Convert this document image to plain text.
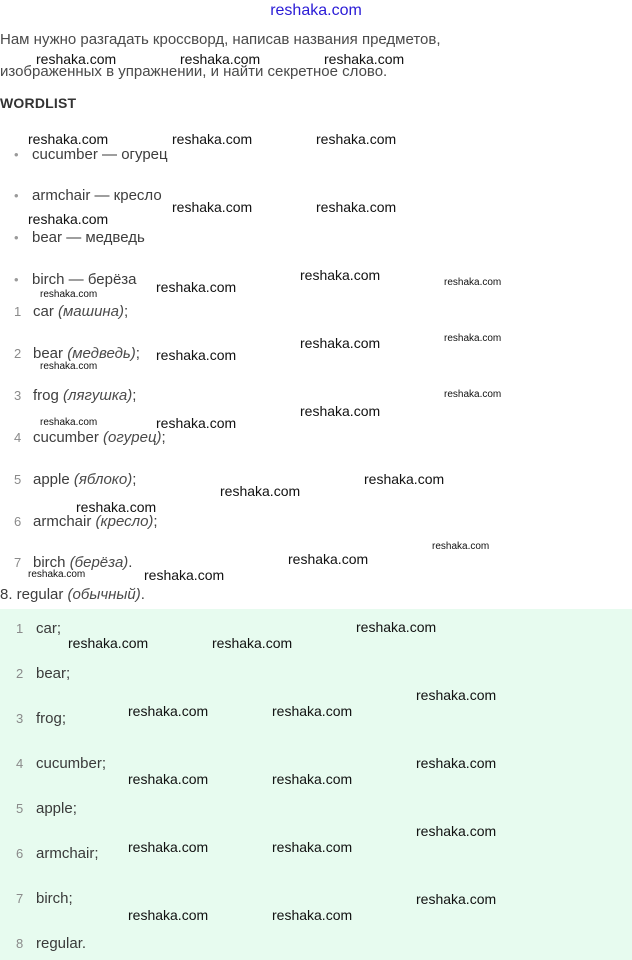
reshaka.com
Нам нужно разгадать кроссворд, написав названия предметов,
изображенных в упражнении, и найти секретное слово.
WORDLIST
• cucumber — огурец
• armchair — кресло
• bear — медведь
• birch — берёза
1 car (машина);
2 bear (медведь);
3 frog (лягушка);
4 cucumber (огурец);
5 apple (яблоко);
6 armchair (кресло);
7 birch (берёза).
8. regular (обычный).
1 car;
2 bear;
3 frog;
4 cucumber;
5 apple;
6 armchair;
7 birch;
8 regular.
reshaka.com	reshaka.com	reshaka.com
reshaka.com	reshaka.com	reshaka.com
reshaka.com	reshaka.com
reshaka.com
reshaka.com	reshaka.com
reshaka.com
reshaka.com
reshaka.com
reshaka.com
reshaka.com
reshaka.com
reshaka.com
reshaka.com
reshaka.com	reshaka.com
reshaka.com
reshaka.com
reshaka.com
reshaka.com
reshaka.com
reshaka.com
reshaka.com
reshaka.com
reshaka.com	reshaka.com
reshaka.com
reshaka.com	reshaka.com
reshaka.com
reshaka.com	reshaka.com
reshaka.com
reshaka.com	reshaka.com
reshaka.com
reshaka.com	reshaka.com
